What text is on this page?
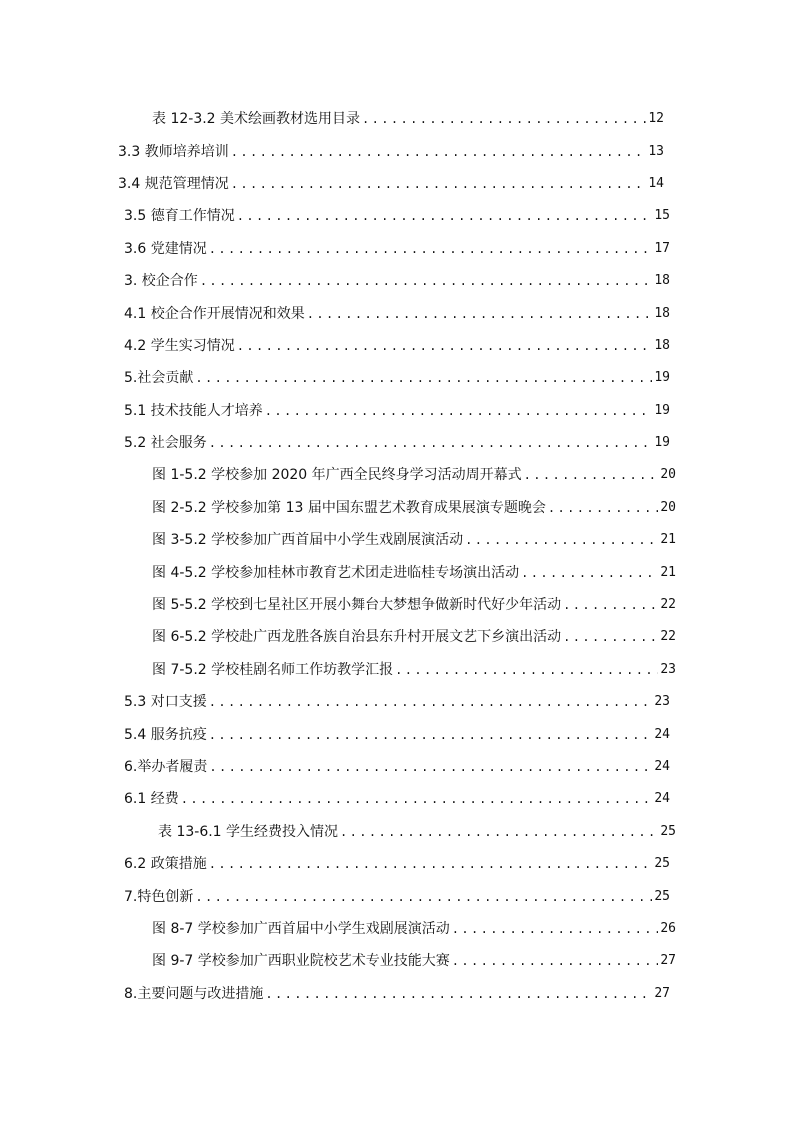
表 12-3.2 美术绘画教材选用目录 .....	12
3.3 教师培养培训 .....	13
3.4 规范管理情况 .....	14
3.5 德育工作情况 .....	15
3.6 党建情况 .....	17
3. 校企合作 .....	18
4.1 校企合作开展情况和效果 .....	18
4.2 学生实习情况 .....	18
5.社会贡献 .....	19
5.1 技术技能人才培养 .....	19
5.2 社会服务 .....	19
图 1-5.2 学校参加 2020 年广西全民终身学习活动周开幕式 .....	20
图 2-5.2 学校参加第 13 届中国东盟艺术教育成果展演专题晚会 .....	20
图 3-5.2 学校参加广西首届中小学生戏剧展演活动 .....	21
图 4-5.2 学校参加桂林市教育艺术团走进临桂专场演出活动 .....	21
图 5-5.2 学校到七星社区开展小舞台大梦想争做新时代好少年活动 .....	22
图 6-5.2 学校赴广西龙胜各族自治县东升村开展文艺下乡演出活动 .....	22
图 7-5.2 学校桂剧名师工作坊教学汇报 .....	23
5.3 对口支援 .....	23
5.4 服务抗疫 .....	24
6.举办者履责 .....	24
6.1 经费 .....	24
表 13-6.1 学生经费投入情况 .....	25
6.2 政策措施 .....	25
7.特色创新 .....	25
图 8-7 学校参加广西首届中小学生戏剧展演活动 .....	26
图 9-7 学校参加广西职业院校艺术专业技能大赛 .....	27
8.主要问题与改进措施 .....	27
